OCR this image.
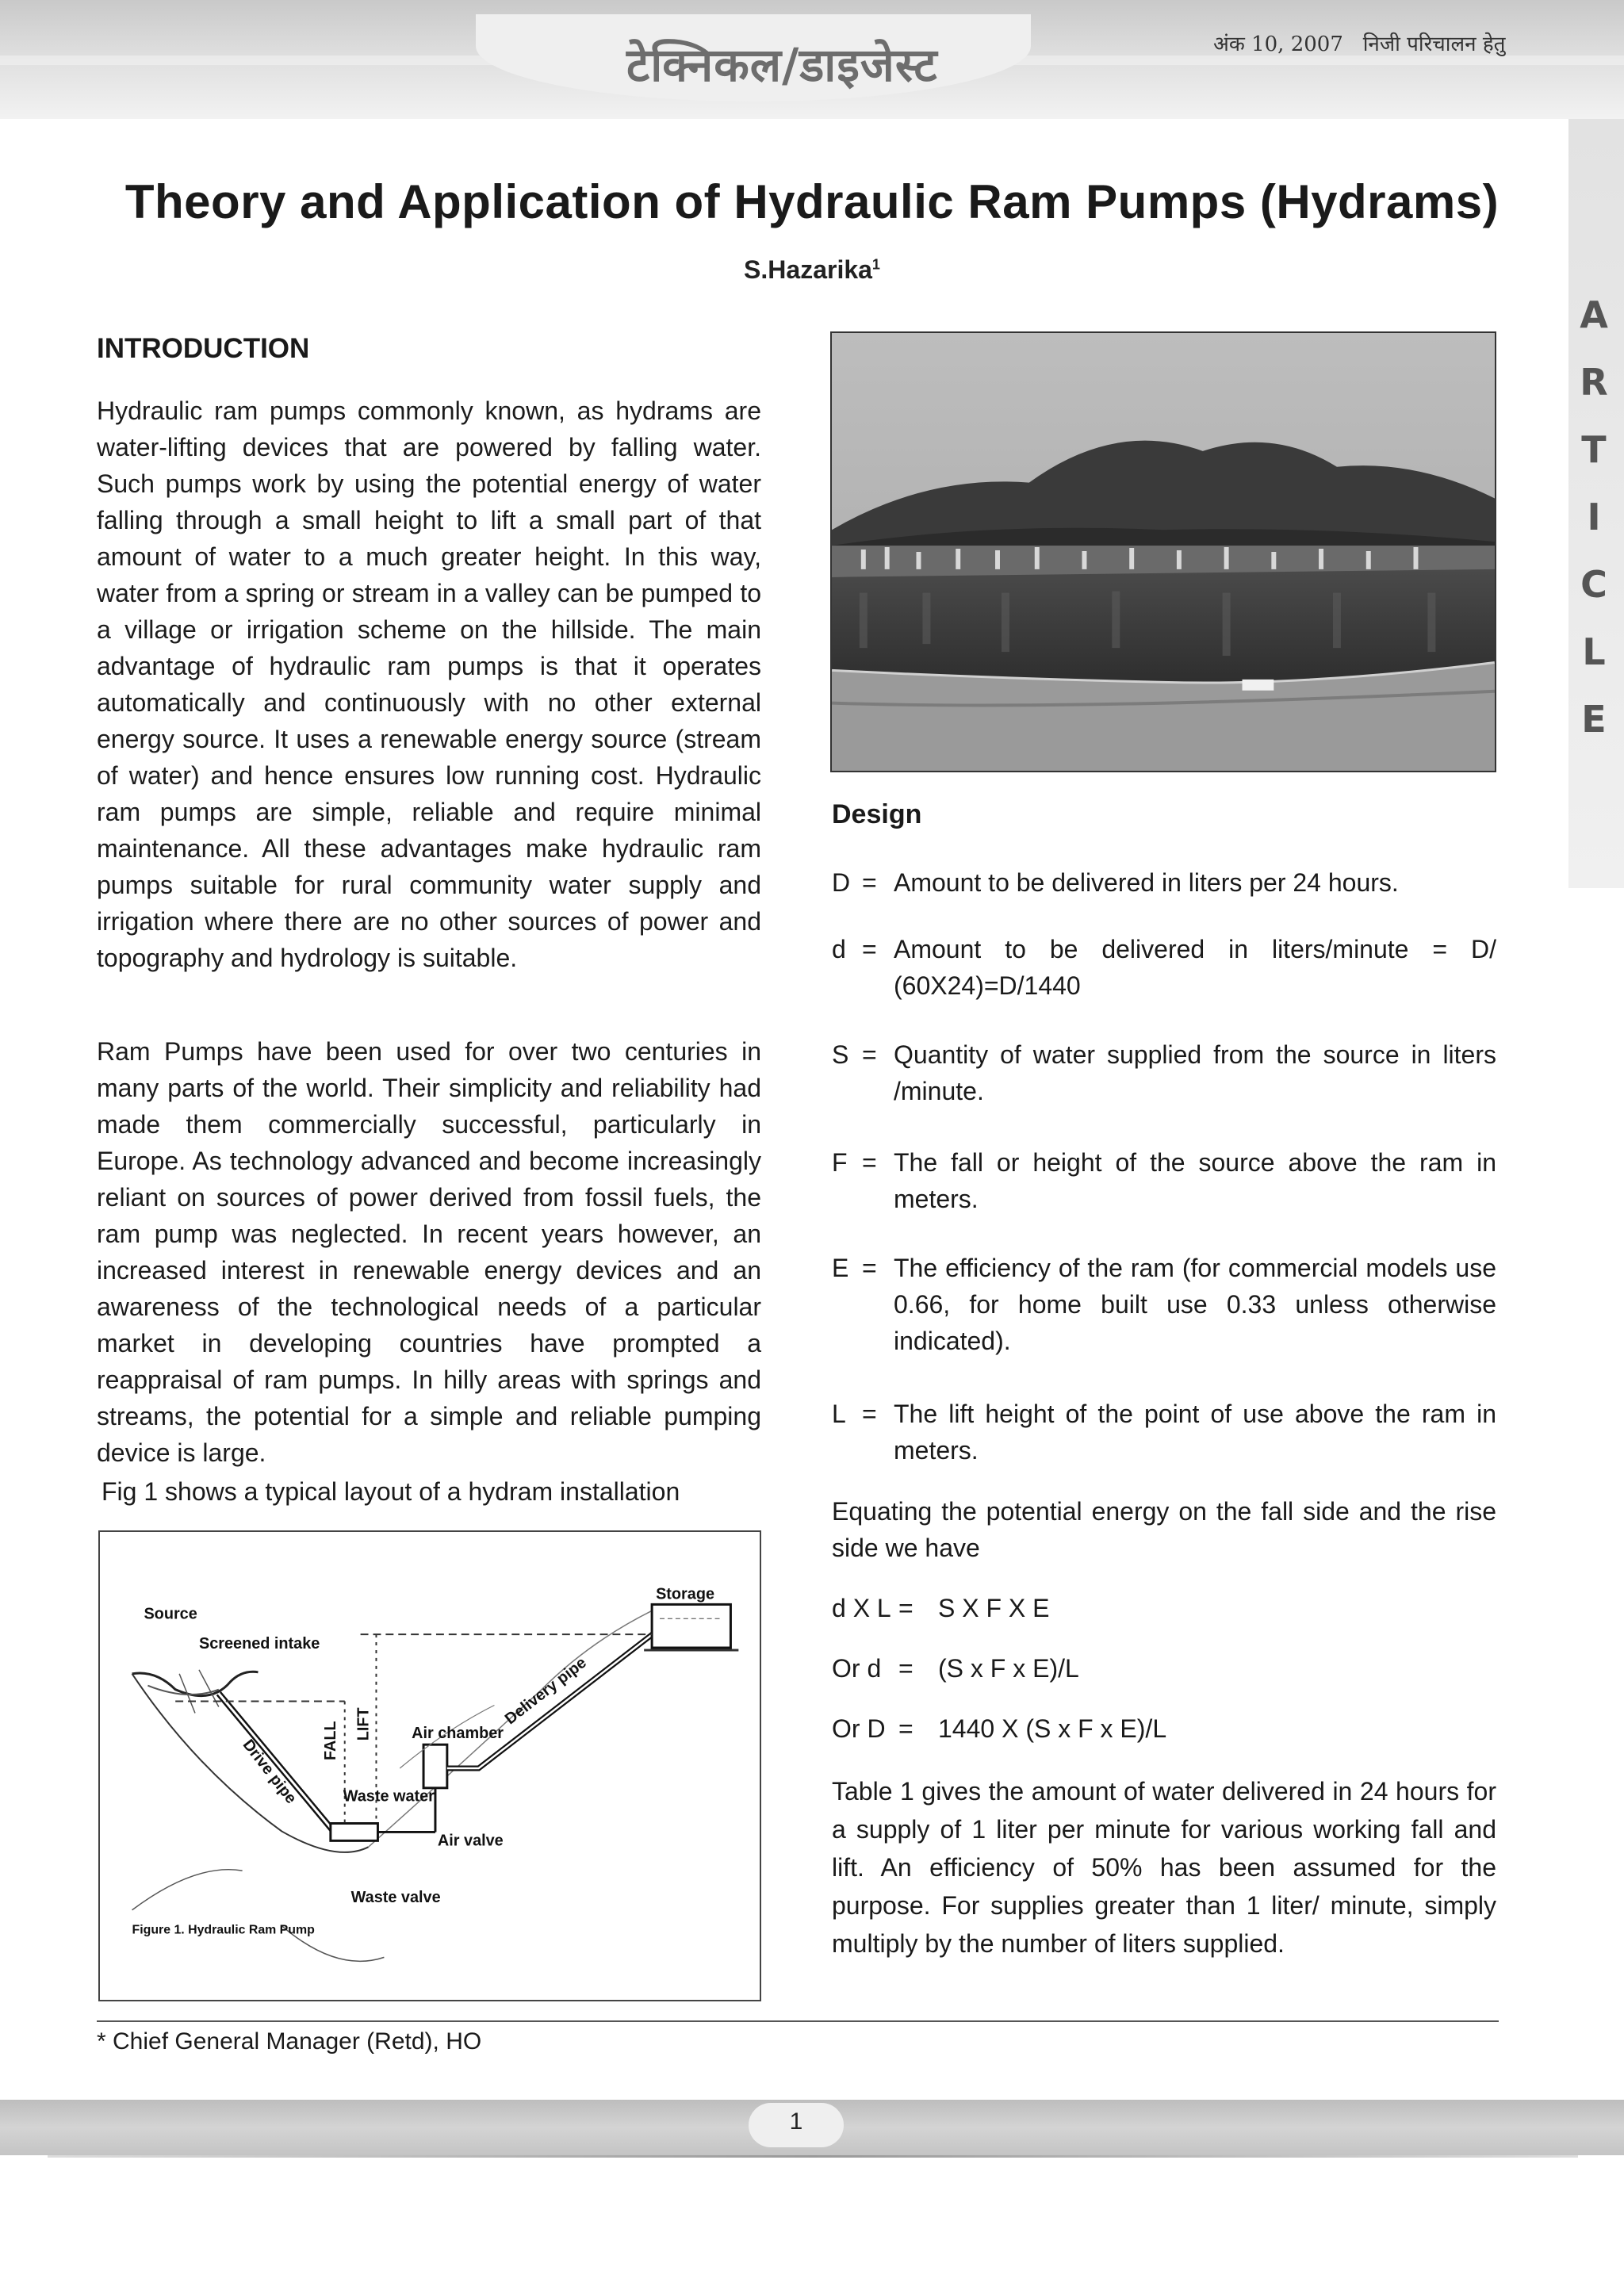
टेक्निकल/डाइजेस्ट	अंक 10, 2007 निजी परिचालन हेतु
A
R
T
I
C
L
E
Theory and Application of Hydraulic Ram Pumps (Hydrams)
S.Hazarika$^1$
INTRODUCTION
Hydraulic ram pumps commonly known, as hydrams are water-lifting devices that are powered by falling water. Such pumps work by using the potential energy of water falling through a small height to lift a small part of that amount of water to a much greater height. In this way, water from a spring or stream in a valley can be pumped to a village or irrigation scheme on the hillside. The main advantage of hydraulic ram pumps is that it operates automatically and continuously with no other external energy source. It uses a renewable energy source (stream of water) and hence ensures low running cost. Hydraulic ram pumps are simple, reliable and require minimal maintenance. All these advantages make hydraulic ram pumps suitable for rural community water supply and irrigation where there are no other sources of power and topography and hydrology is suitable.
Ram Pumps have been used for over two centuries in many parts of the world. Their simplicity and reliability had made them commercially successful, particularly in Europe. As technology advanced and become increasingly reliant on sources of power derived from fossil fuels, the ram pump was neglected. In recent years however, an increased interest in renewable energy devices and an awareness of the technological needs of a particular market in developing countries have prompted a reappraisal of ram pumps. In hilly areas with springs and streams, the potential for a simple and reliable pumping device is large.
Fig 1 shows a typical layout of a hydram installation
Source
Screened intake
Storage
Delivery pipe
Drive pipe FALL LIFT Air chamber
Waste water
Air valve
Waste valve
Figure 1. Hydraulic Ram Pump
Design
D = Amount to be delivered in liters per 24 hours.
d = Amount to be delivered in liters/minute = D/ (60X24)=D/1440
S = Quantity of water supplied from the source in liters /minute.
F = The fall or height of the source above the ram in meters.
E = The efficiency of the ram (for commercial models use 0.66, for home built use 0.33 unless otherwise indicated).
L = The lift height of the point of use above the ram in meters.
Equating the potential energy on the fall side and the rise side we have
d X L = S X F X E
Or d = (S x F x E)/L
Or D = 1440 X (S x F x E)/L
Table 1 gives the amount of water delivered in 24 hours for a supply of 1 liter per minute for various working fall and lift. An efficiency of 50% has been assumed for the purpose. For supplies greater than 1 liter/ minute, simply multiply by the number of liters supplied.
* Chief General Manager (Retd), HO
1
